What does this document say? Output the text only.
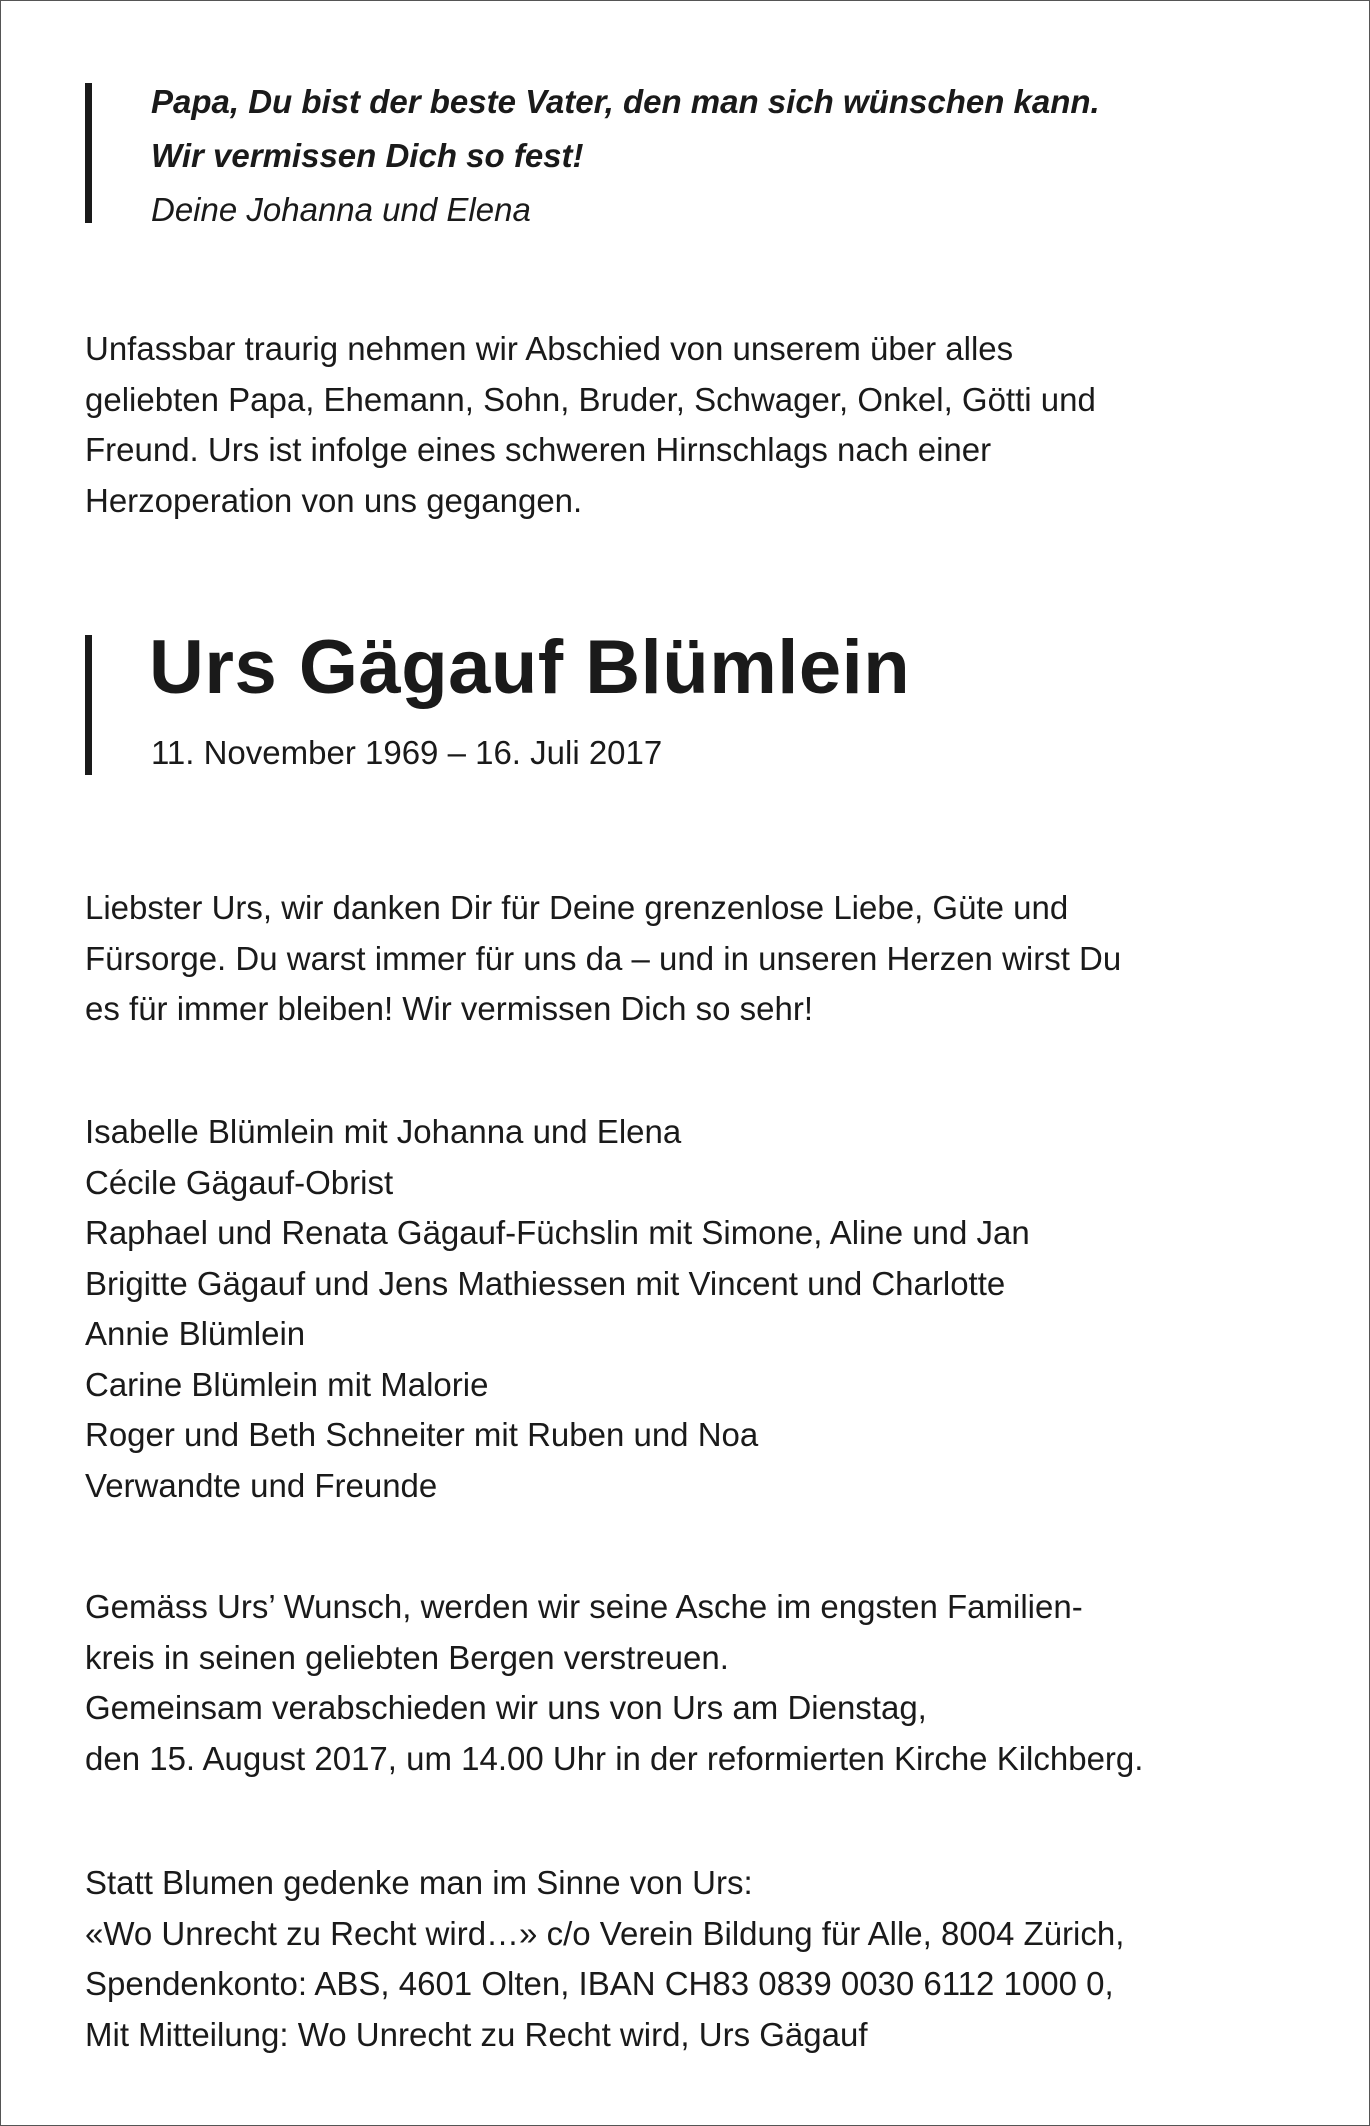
Papa, Du bist der beste Vater, den man sich wünschen kann.
Wir vermissen Dich so fest!
Deine Johanna und Elena
Unfassbar traurig nehmen wir Abschied von unserem über alles
geliebten Papa, Ehemann, Sohn, Bruder, Schwager, Onkel, Götti und
Freund. Urs ist infolge eines schweren Hirnschlags nach einer
Herzoperation von uns gegangen.
Urs Gägauf Blümlein
11. November 1969 – 16. Juli 2017
Liebster Urs, wir danken Dir für Deine grenzenlose Liebe, Güte und
Fürsorge. Du warst immer für uns da – und in unseren Herzen wirst Du
es für immer bleiben! Wir vermissen Dich so sehr!
Isabelle Blümlein mit Johanna und Elena
Cécile Gägauf-Obrist
Raphael und Renata Gägauf-Füchslin mit Simone, Aline und Jan
Brigitte Gägauf und Jens Mathiessen mit Vincent und Charlotte
Annie Blümlein
Carine Blümlein mit Malorie
Roger und Beth Schneiter mit Ruben und Noa
Verwandte und Freunde
Gemäss Urs’ Wunsch, werden wir seine Asche im engsten Familien-
kreis in seinen geliebten Bergen verstreuen.
Gemeinsam verabschieden wir uns von Urs am Dienstag,
den 15. August 2017, um 14.00 Uhr in der reformierten Kirche Kilchberg.
Statt Blumen gedenke man im Sinne von Urs:
«Wo Unrecht zu Recht wird…» c/o Verein Bildung für Alle, 8004 Zürich,
Spendenkonto: ABS, 4601 Olten, IBAN CH83 0839 0030 6112 1000 0,
Mit Mitteilung: Wo Unrecht zu Recht wird, Urs Gägauf
